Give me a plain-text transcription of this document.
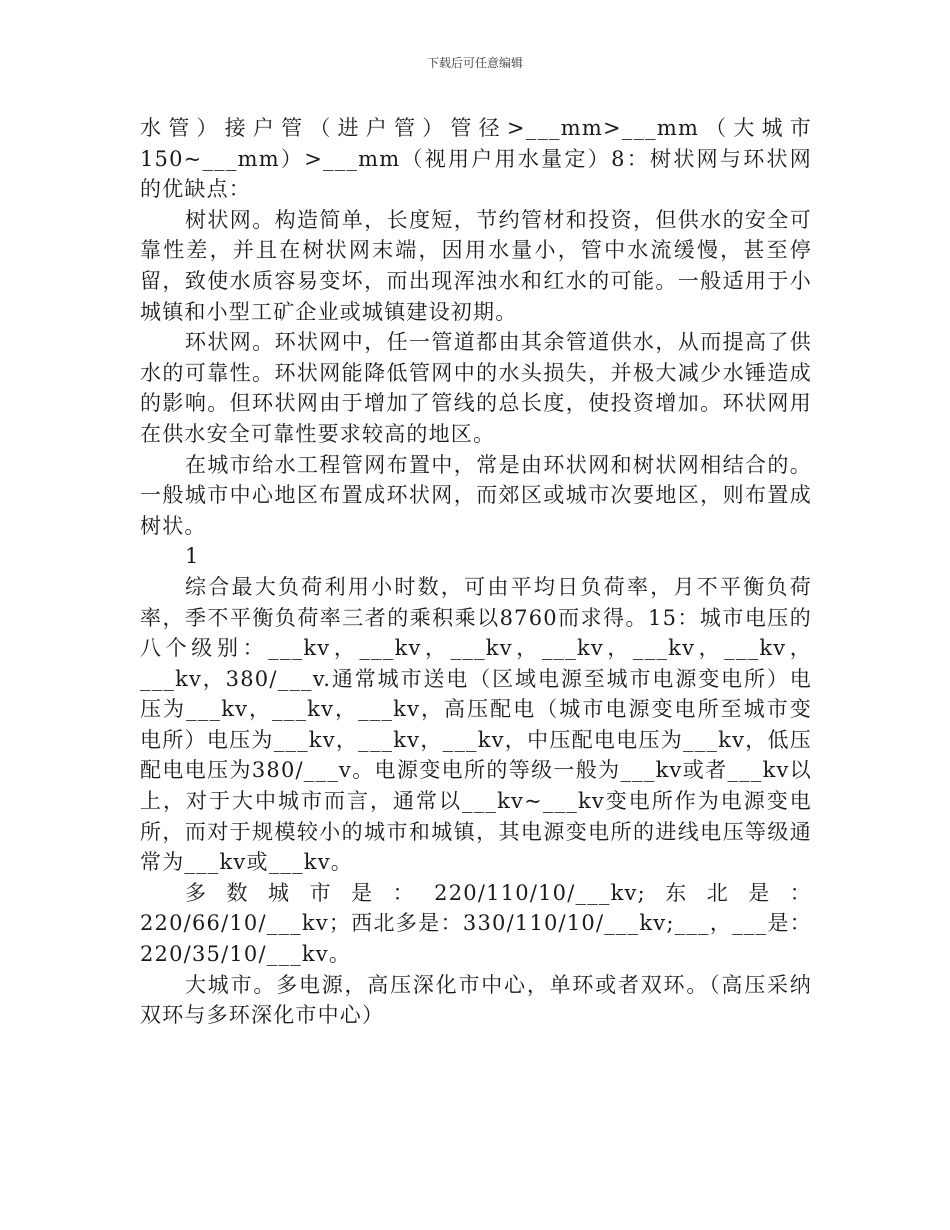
下载后可任意编辑

水管）接户管（进户管）管径>___mm>___mm（大城市150~___mm）>___mm（视用户用水量定）8：树状网与环状网的优缺点：

树状网。构造简单，长度短，节约管材和投资，但供水的安全可靠性差，并且在树状网末端，因用水量小，管中水流缓慢，甚至停留，致使水质容易变坏，而出现浑浊水和红水的可能。一般适用于小城镇和小型工矿企业或城镇建设初期。

环状网。环状网中，任一管道都由其余管道供水，从而提高了供水的可靠性。环状网能降低管网中的水头损失，并极大减少水锤造成的影响。但环状网由于增加了管线的总长度，使投资增加。环状网用在供水安全可靠性要求较高的地区。

在城市给水工程管网布置中，常是由环状网和树状网相结合的。一般城市中心地区布置成环状网，而郊区或城市次要地区，则布置成树状。

1

综合最大负荷利用小时数，可由平均日负荷率，月不平衡负荷率，季不平衡负荷率三者的乘积乘以8760而求得。15：城市电压的八个级别：___kv，___kv，___kv，___kv，___kv，___kv，___kv，380/___v.通常城市送电（区域电源至城市电源变电所）电压为___kv，___kv，___kv，高压配电（城市电源变电所至城市变电所）电压为___kv，___kv，___kv，中压配电电压为___kv，低压配电电压为380/___v。电源变电所的等级一般为___kv或者___kv以上，对于大中城市而言，通常以___kv~___kv变电所作为电源变电所，而对于规模较小的城市和城镇，其电源变电所的进线电压等级通常为___kv或___kv。

多数城市是：220/110/10/___kv;东北是：220/66/10/___kv；西北多是：330/110/10/___kv;___，___是：220/35/10/___kv。

大城市。多电源，高压深化市中心，单环或者双环。（高压采纳双环与多环深化市中心）
